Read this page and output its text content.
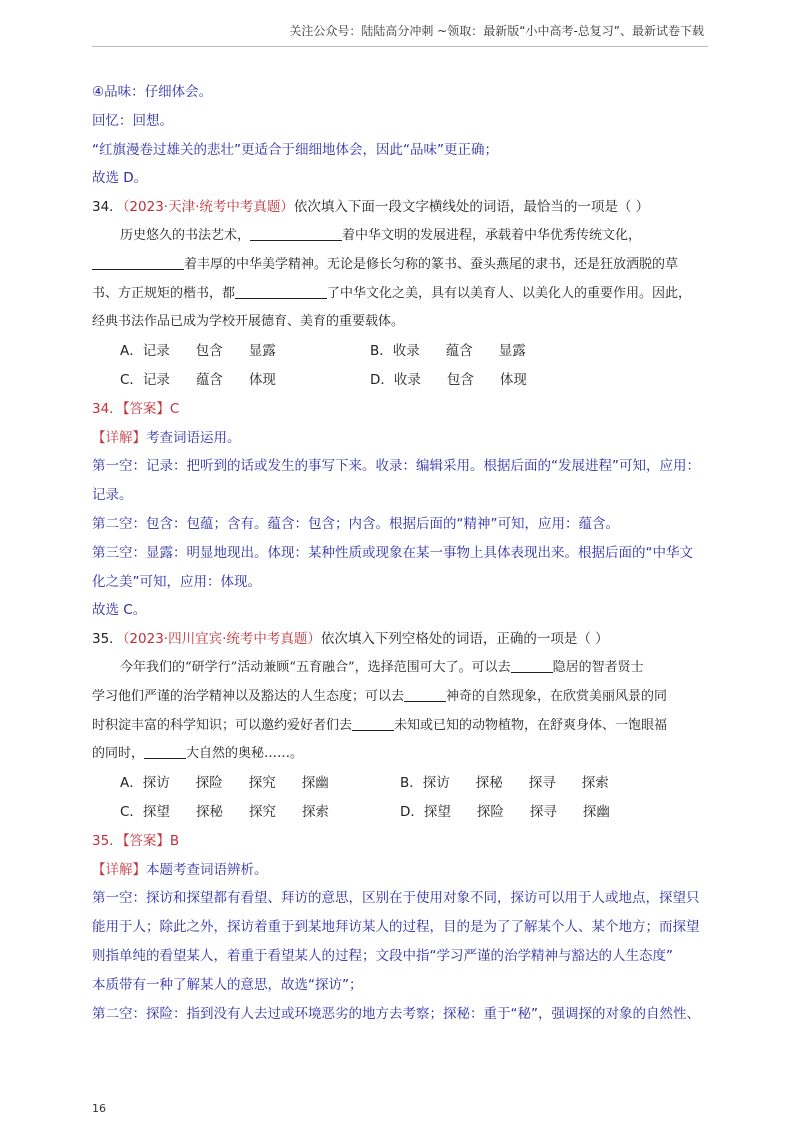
关注公众号：陆陆高分冲刺 ~领取：最新版“小中高考-总复习”、最新试卷下载

④品味：仔细体会。

回忆：回想。

“红旗漫卷过雄关的悲壮”更适合于细细地体会，因此“品味”更正确；

故选 D。

34．（2023·天津·统考中考真题）依次填入下面一段文字横线处的词语，最恰当的一项是（ ）

历史悠久的书法艺术，	着中华文明的发展进程，承载着中华优秀传统文化，

着丰厚的中华美学精神。无论是修长匀称的篆书、蚕头燕尾的隶书，还是狂放洒脱的草

书、方正规矩的楷书，都	了中华文化之美，具有以美育人、以美化人的重要作用。因此，

经典书法作品已成为学校开展德育、美育的重要载体。

A．记录 包含 显露	B．收录 蕴含 显露
C．记录 蕴含 体现	D．收录 包含 体现

34．【答案】C

【详解】考查词语运用。

第一空：记录：把听到的话或发生的事写下来。收录：编辑采用。根据后面的“发展进程”可知，应用：

记录。

第二空：包含：包蕴；含有。蕴含：包含；内含。根据后面的“精神”可知，应用：蕴含。

第三空：显露：明显地现出。体现：某种性质或现象在某一事物上具体表现出来。根据后面的“中华文

化之美”可知，应用：体现。

故选 C。

35．（2023·四川宜宾·统考中考真题）依次填入下列空格处的词语，正确的一项是（ ）

今年我们的“研学行”活动兼顾“五育融合”，选择范围可大了。可以去	隐居的智者贤士

学习他们严谨的治学精神以及豁达的人生态度；可以去	神奇的自然现象，在欣赏美丽风景的同

时积淀丰富的科学知识；可以邀约爱好者们去	未知或已知的动物植物，在舒爽身体、一饱眼福

的同时，	大自然的奥秘……。

A．探访 探险 探究 探幽	B．探访 探秘 探寻 探索
C．探望 探秘 探究 探索	D．探望 探险 探寻 探幽

35．【答案】B

【详解】本题考查词语辨析。

第一空：探访和探望都有看望、拜访的意思，区别在于使用对象不同，探访可以用于人或地点，探望只

能用于人；除此之外，探访着重于到某地拜访某人的过程，目的是为了了解某个人、某个地方；而探望

则指单纯的看望某人，着重于看望某人的过程；文段中指“学习严谨的治学精神与豁达的人生态度”

本质带有一种了解某人的意思，故选“探访”；

第二空：探险：指到没有人去过或环境恶劣的地方去考察；探秘：重于“秘”，强调探的对象的自然性、

16
